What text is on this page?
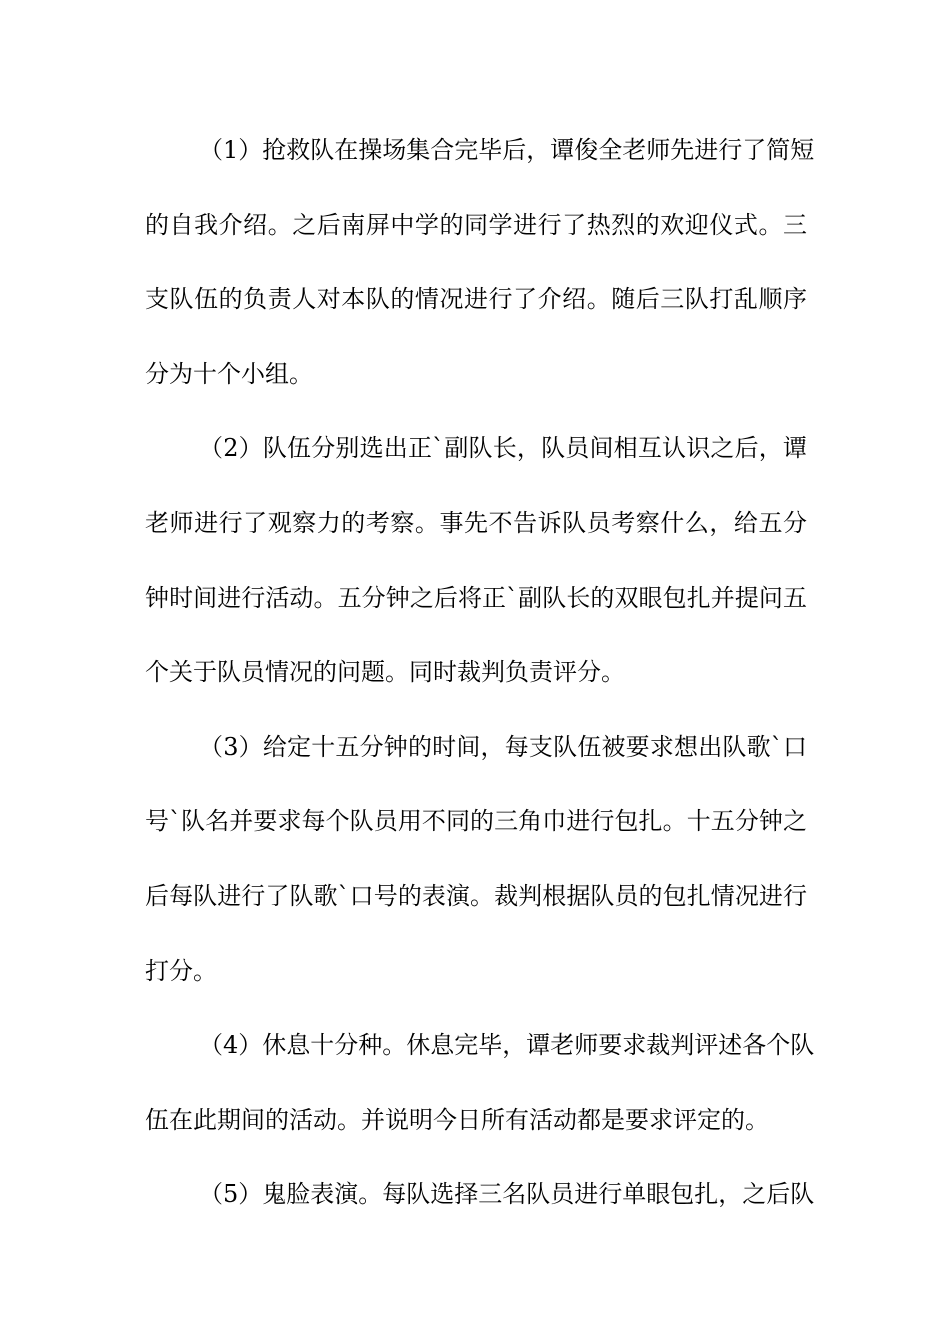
（1）抢救队在操场集合完毕后，谭俊全老师先进行了简短
的自我介绍。之后南屏中学的同学进行了热烈的欢迎仪式。三
支队伍的负责人对本队的情况进行了介绍。随后三队打乱顺序
分为十个小组。
（2）队伍分别选出正`副队长，队员间相互认识之后，谭
老师进行了观察力的考察。事先不告诉队员考察什么，给五分
钟时间进行活动。五分钟之后将正`副队长的双眼包扎并提问五
个关于队员情况的问题。同时裁判负责评分。
（3）给定十五分钟的时间，每支队伍被要求想出队歌`口
号`队名并要求每个队员用不同的三角巾进行包扎。十五分钟之
后每队进行了队歌`口号的表演。裁判根据队员的包扎情况进行
打分。
（4）休息十分种。休息完毕，谭老师要求裁判评述各个队
伍在此期间的活动。并说明今日所有活动都是要求评定的。
（5）鬼脸表演。每队选择三名队员进行单眼包扎，之后队
